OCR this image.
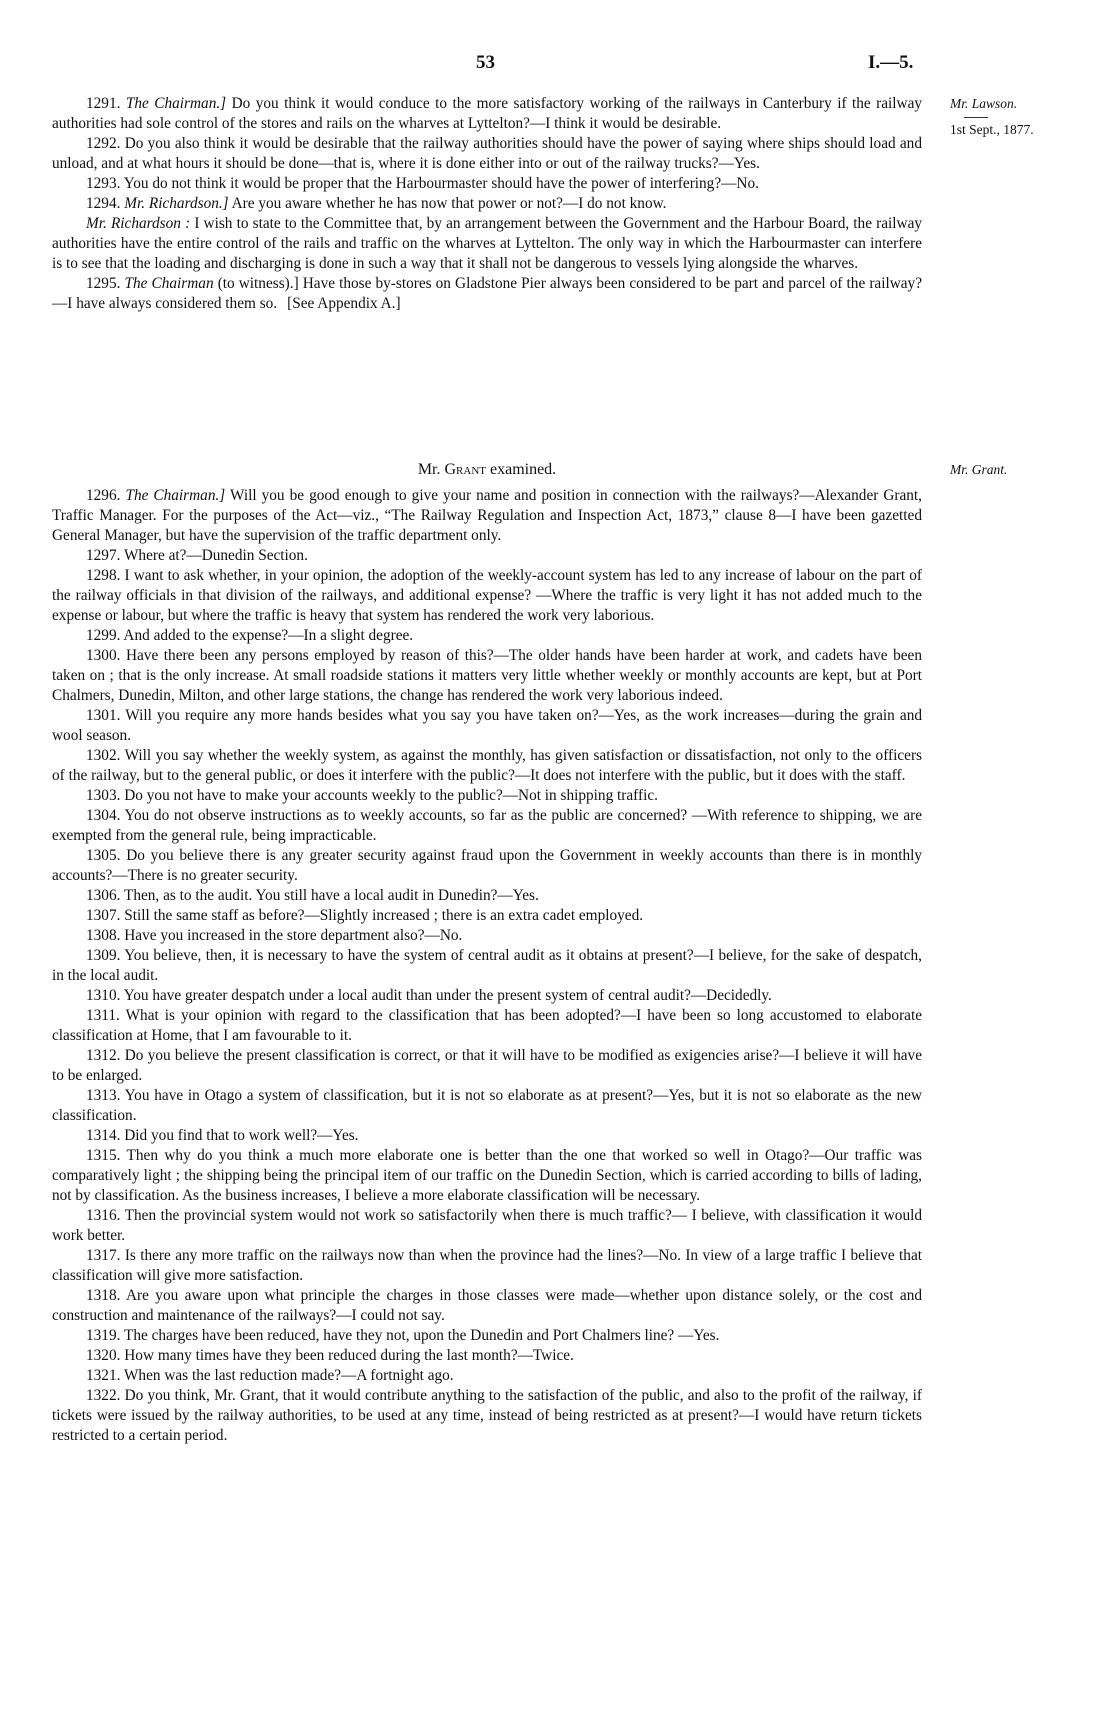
53	I.—5.
Mr. Lawson.
1st Sept., 1877.
Mr. Grant.

1291. The Chairman.] Do you think it would conduce to the more satisfactory working of the railways in Canterbury if the railway authorities had sole control of the stores and rails on the wharves at Lyttelton?—I think it would be desirable.

1292. Do you also think it would be desirable that the railway authorities should have the power of saying where ships should load and unload, and at what hours it should be done—that is, where it is done either into or out of the railway trucks?—Yes.

1293. You do not think it would be proper that the Harbourmaster should have the power of interfering?—No.

1294. Mr. Richardson.] Are you aware whether he has now that power or not?—I do not know.

Mr. Richardson : I wish to state to the Committee that, by an arrangement between the Government and the Harbour Board, the railway authorities have the entire control of the rails and traffic on the wharves at Lyttelton. The only way in which the Harbourmaster can interfere is to see that the loading and discharging is done in such a way that it shall not be dangerous to vessels lying alongside the wharves.

1295. The Chairman (to witness).] Have those by-stores on Gladstone Pier always been considered to be part and parcel of the railway?—I have always considered them so. [See Appendix A.]

Mr. Grant examined.

1296. The Chairman.] Will you be good enough to give your name and position in connection with the railways?—Alexander Grant, Traffic Manager. For the purposes of the Act—viz., “The Railway Regulation and Inspection Act, 1873,” clause 8—I have been gazetted General Manager, but have the supervision of the traffic department only.

1297. Where at?—Dunedin Section.

1298. I want to ask whether, in your opinion, the adoption of the weekly-account system has led to any increase of labour on the part of the railway officials in that division of the railways, and additional expense? —Where the traffic is very light it has not added much to the expense or labour, but where the traffic is heavy that system has rendered the work very laborious.

1299. And added to the expense?—In a slight degree.

1300. Have there been any persons employed by reason of this?—The older hands have been harder at work, and cadets have been taken on ; that is the only increase. At small roadside stations it matters very little whether weekly or monthly accounts are kept, but at Port Chalmers, Dunedin, Milton, and other large stations, the change has rendered the work very laborious indeed.

1301. Will you require any more hands besides what you say you have taken on?—Yes, as the work increases—during the grain and wool season.

1302. Will you say whether the weekly system, as against the monthly, has given satisfaction or dissatisfaction, not only to the officers of the railway, but to the general public, or does it interfere with the public?—It does not interfere with the public, but it does with the staff.

1303. Do you not have to make your accounts weekly to the public?—Not in shipping traffic.

1304. You do not observe instructions as to weekly accounts, so far as the public are concerned? —With reference to shipping, we are exempted from the general rule, being impracticable.

1305. Do you believe there is any greater security against fraud upon the Government in weekly accounts than there is in monthly accounts?—There is no greater security.

1306. Then, as to the audit. You still have a local audit in Dunedin?—Yes.

1307. Still the same staff as before?—Slightly increased ; there is an extra cadet employed.

1308. Have you increased in the store department also?—No.

1309. You believe, then, it is necessary to have the system of central audit as it obtains at present?—I believe, for the sake of despatch, in the local audit.

1310. You have greater despatch under a local audit than under the present system of central audit?—Decidedly.

1311. What is your opinion with regard to the classification that has been adopted?—I have been so long accustomed to elaborate classification at Home, that I am favourable to it.

1312. Do you believe the present classification is correct, or that it will have to be modified as exigencies arise?—I believe it will have to be enlarged.

1313. You have in Otago a system of classification, but it is not so elaborate as at present?—Yes, but it is not so elaborate as the new classification.

1314. Did you find that to work well?—Yes.

1315. Then why do you think a much more elaborate one is better than the one that worked so well in Otago?—Our traffic was comparatively light ; the shipping being the principal item of our traffic on the Dunedin Section, which is carried according to bills of lading, not by classification. As the business increases, I believe a more elaborate classification will be necessary.

1316. Then the provincial system would not work so satisfactorily when there is much traffic?— I believe, with classification it would work better.

1317. Is there any more traffic on the railways now than when the province had the lines?—No. In view of a large traffic I believe that classification will give more satisfaction.

1318. Are you aware upon what principle the charges in those classes were made—whether upon distance solely, or the cost and construction and maintenance of the railways?—I could not say.

1319. The charges have been reduced, have they not, upon the Dunedin and Port Chalmers line? —Yes.

1320. How many times have they been reduced during the last month?—Twice.

1321. When was the last reduction made?—A fortnight ago.

1322. Do you think, Mr. Grant, that it would contribute anything to the satisfaction of the public, and also to the profit of the railway, if tickets were issued by the railway authorities, to be used at any time, instead of being restricted as at present?—I would have return tickets restricted to a certain period.
